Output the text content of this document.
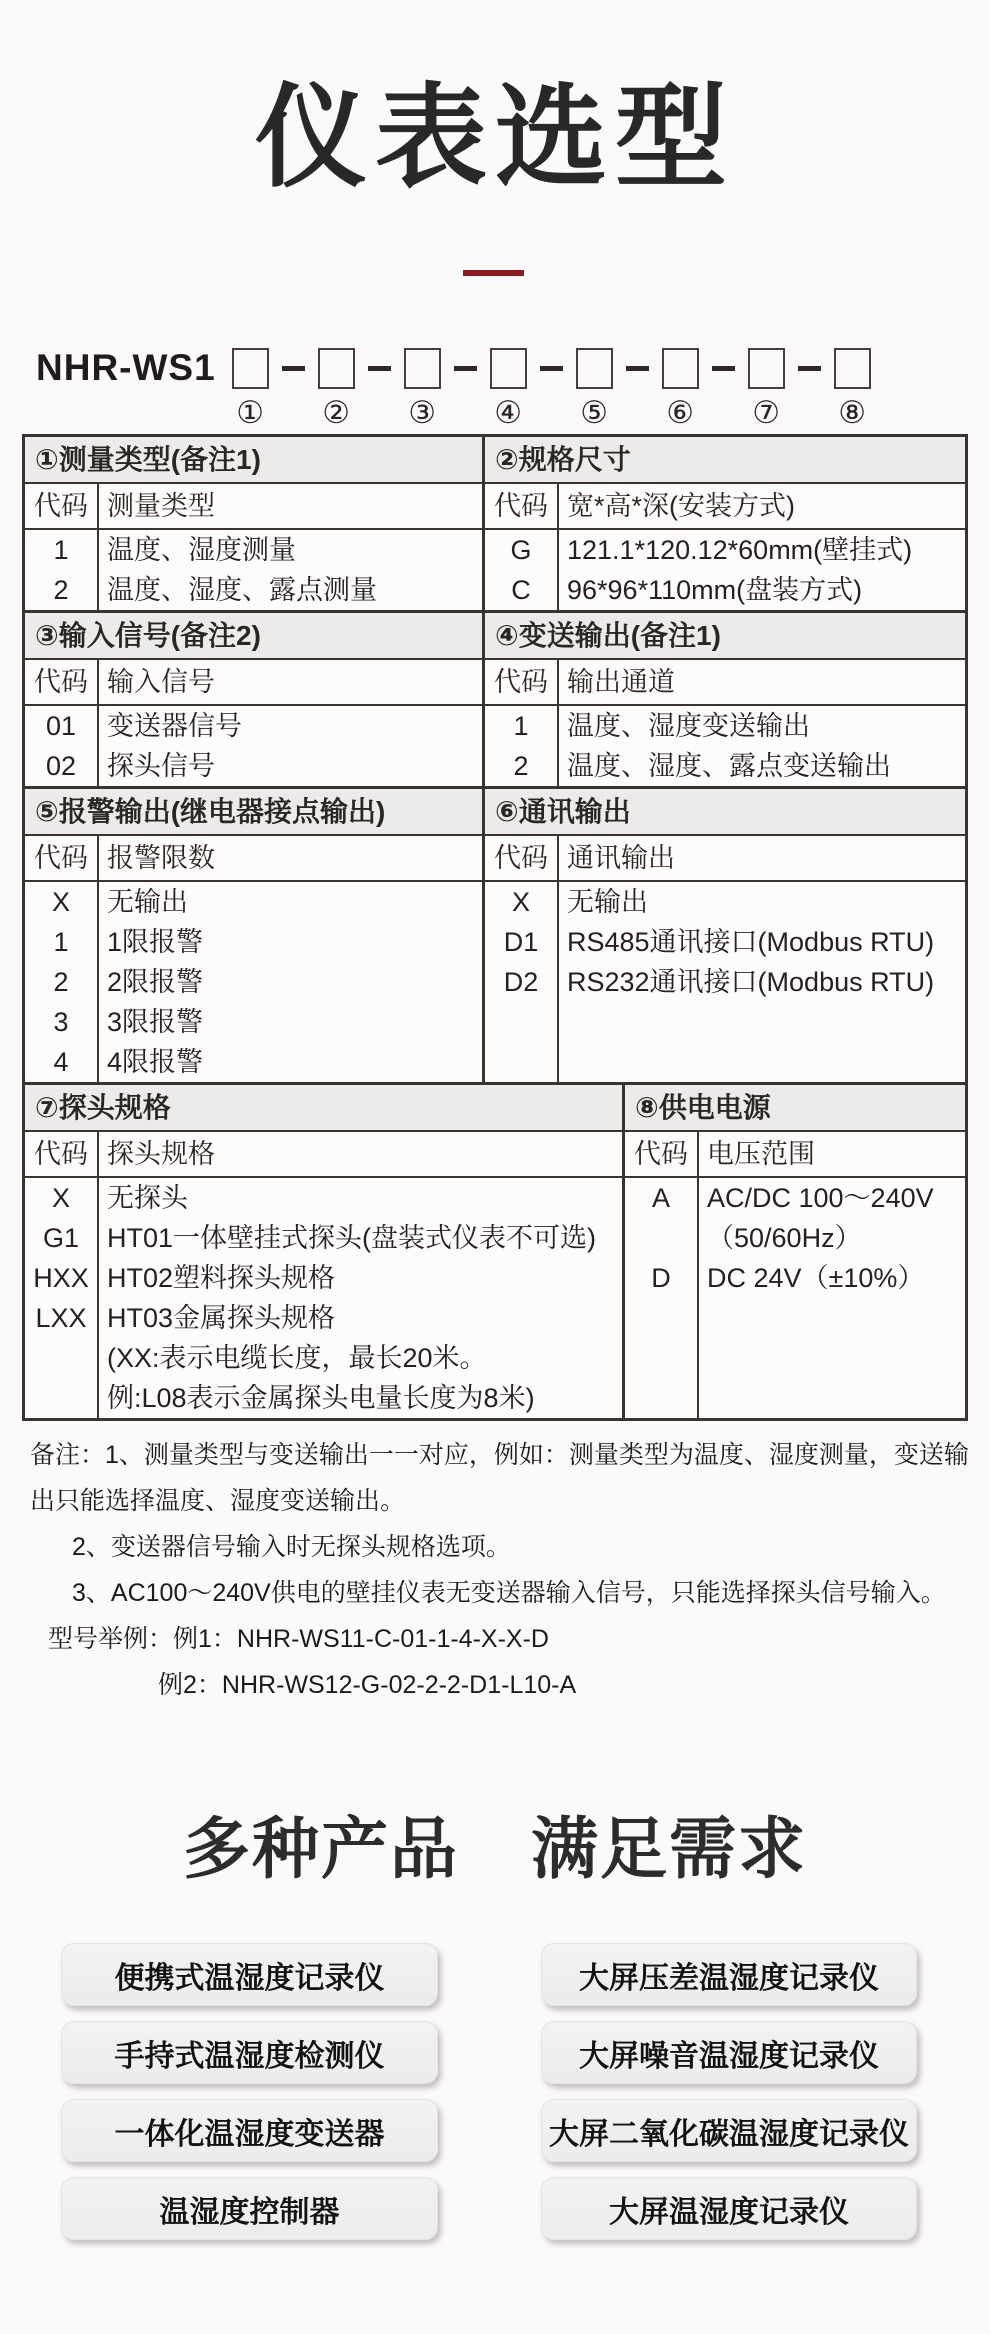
仪表选型
NHR-WS1
① ② ③ ④ ⑤ ⑥ ⑦ ⑧
①测量类型(备注1)
代码
1
2
测量类型
温度、湿度测量
温度、湿度、露点测量
②规格尺寸
代码
G
C
宽*高*深(安装方式)
121.1*120.12*60mm(壁挂式)
96*96*110mm(盘装方式)
③输入信号(备注2)
代码
01
02
输入信号
变送器信号
探头信号
④变送输出(备注1)
代码
1
2
输出通道
温度、湿度变送输出
温度、湿度、露点变送输出
⑤报警输出(继电器接点输出)
代码
X
1
2
3
4
报警限数
无输出
1限报警
2限报警
3限报警
4限报警
⑥通讯输出
代码
X
D1
D2
通讯输出
无输出
RS485通讯接口(Modbus RTU)
RS232通讯接口(Modbus RTU)
⑦探头规格
代码
X
G1
HXX
LXX
探头规格
无探头
HT01一体壁挂式探头(盘装式仪表不可选)
HT02塑料探头规格
HT03金属探头规格
(XX:表示电缆长度，最长20米。
例:L08表示金属探头电量长度为8米)
⑧供电电源
代码
A
D
电压范围
AC/DC 100～240V
（50/60Hz）
DC 24V（±10%）
备注：1、测量类型与变送输出一一对应，例如：测量类型为温度、湿度测量，变送输
出只能选择温度、湿度变送输出。
2、变送器信号输入时无探头规格选项。
3、AC100～240V供电的壁挂仪表无变送器输入信号，只能选择探头信号输入。
型号举例：例1：NHR-WS11-C-01-1-4-X-X-D
例2：NHR-WS12-G-02-2-2-D1-L10-A
多种产品 满足需求
便携式温湿度记录仪
手持式温湿度检测仪
一体化温湿度变送器
温湿度控制器
大屏压差温湿度记录仪
大屏噪音温湿度记录仪
大屏二氧化碳温湿度记录仪
大屏温湿度记录仪
